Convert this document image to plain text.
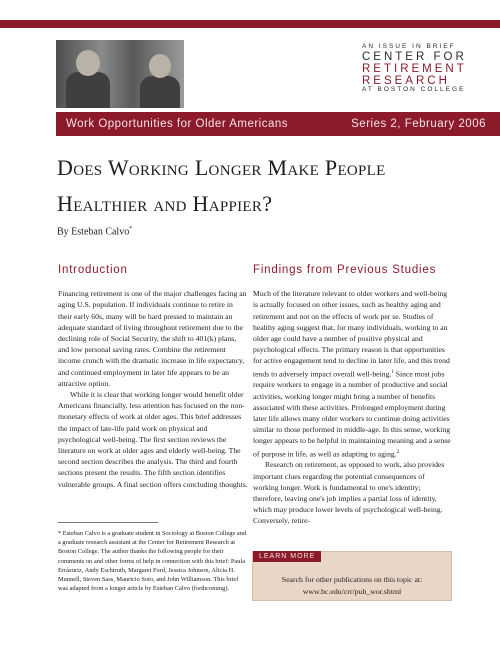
AN ISSUE IN BRIEF
CENTER FOR
RETIREMENT
RESEARCH
AT BOSTON COLLEGE
Work Opportunities for Older Americans	Series 2, February 2006
Does Working Longer Make People
Healthier and Happier?
By Esteban Calvo*
Introduction

Financing retirement is one of the major challenges facing an aging U.S. population. If individuals continue to retire in their early 60s, many will be hard pressed to maintain an adequate standard of living throughout retirement due to the declining role of Social Security, the shift to 401(k) plans, and low personal saving rates. Combine the retirement income crunch with the dramatic increase in life expectancy, and continued employment in later life appears to be an attractive option.

While it is clear that working longer would benefit older Americans financially, less attention has focused on the non-monetary effects of work at older ages. This brief addresses the impact of late-life paid work on physical and psychological well-being. The first section reviews the literature on work at older ages and elderly well-being. The second section describes the analysis. The third and fourth sections present the results. The fifth section identifies vulnerable groups. A final section offers concluding thoughts.

Findings from Previous Studies

Much of the literature relevant to older workers and well-being is actually focused on other issues, such as healthy aging and retirement and not on the effects of work per se. Studies of healthy aging suggest that, for many individuals, working to an older age could have a number of positive physical and psychological effects. The primary reason is that opportunities for active engagement tend to decline in later life, and this trend tends to adversely impact overall well-being.$^1$ Since most jobs require workers to engage in a number of productive and social activities, working longer might bring a number of benefits associated with these activities. Prolonged employment during later life allows many older workers to continue doing activities similar to those performed in middle-age. In this sense, working longer appears to be helpful in maintaining meaning and a sense of purpose in life, as well as adapting to aging.$^2$

Research on retirement, as opposed to work, also provides important clues regarding the potential consequences of working longer. Work is fundamental to one's identity; therefore, leaving one's job implies a partial loss of identity, which may produce lower levels of psychological well-being. Conversely, retire-

* Esteban Calvo is a graduate student in Sociology at Boston College and a graduate research assistant at the Center for Retirement Research at Boston College. The author thanks the following people for their comments on and other forms of help in connection with this brief: Paula Errázuriz, Andy Eschtruth, Margaret Ford, Jessica Johnson, Alicia H. Munnell, Steven Sass, Mauricio Soto, and John Williamson. This brief was adapted from a longer article by Esteban Calvo (forthcoming).
LEARN MORE
Search for other publications on this topic at:
www.bc.edu/crr/pub_wor.shtml
